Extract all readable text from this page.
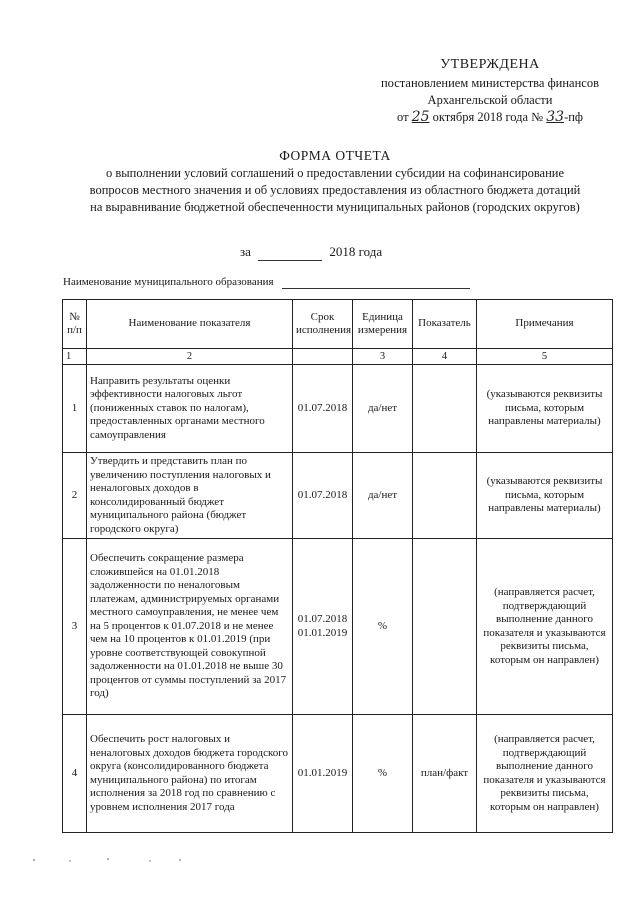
УТВЕРЖДЕНА
постановлением министерства финансов
Архангельской области
от 25 октября 2018 года № 33-пф
ФОРМА ОТЧЕТА
о выполнении условий соглашений о предоставлении субсидии на софинансирование
вопросов местного значения и об условиях предоставления из областного бюджета дотаций
на выравнивание бюджетной обеспеченности муниципальных районов (городских округов)
за	2018 года
Наименование муниципального образования
№ п/п	Наименование показателя	Срок исполнения	Единица измерения	Показатель	Примечания
1	2		3	4	5
1	Направить результаты оценки эффективности налоговых льгот (пониженных ставок по налогам), предоставленных органами местного самоуправления	01.07.2018	да/нет		(указываются реквизиты письма, которым направлены материалы)
2	Утвердить и представить план по увеличению поступления налоговых и неналоговых доходов в консолидированный бюджет муниципального района (бюджет городского округа)	01.07.2018	да/нет		(указываются реквизиты письма, которым направлены материалы)
3	Обеспечить сокращение размера сложившейся на 01.01.2018 задолженности по неналоговым платежам, администрируемых органами местного самоуправления, не менее чем на 5 процентов к 01.07.2018 и не менее чем на 10 процентов к 01.01.2019 (при уровне соответствующей совокупной задолженности на 01.01.2018 не выше 30 процентов от суммы поступлений за 2017 год)	01.07.2018 01.01.2019	%		(направляется расчет, подтверждающий выполнение данного показателя и указываются реквизиты письма, которым он направлен)
4	Обеспечить рост налоговых и неналоговых доходов бюджета городского округа (консолидированного бюджета муниципального района) по итогам исполнения за 2018 год по сравнению с уровнем исполнения 2017 года	01.01.2019	%	план/факт	(направляется расчет, подтверждающий выполнение данного показателя и указываются реквизиты письма, которым он направлен)
